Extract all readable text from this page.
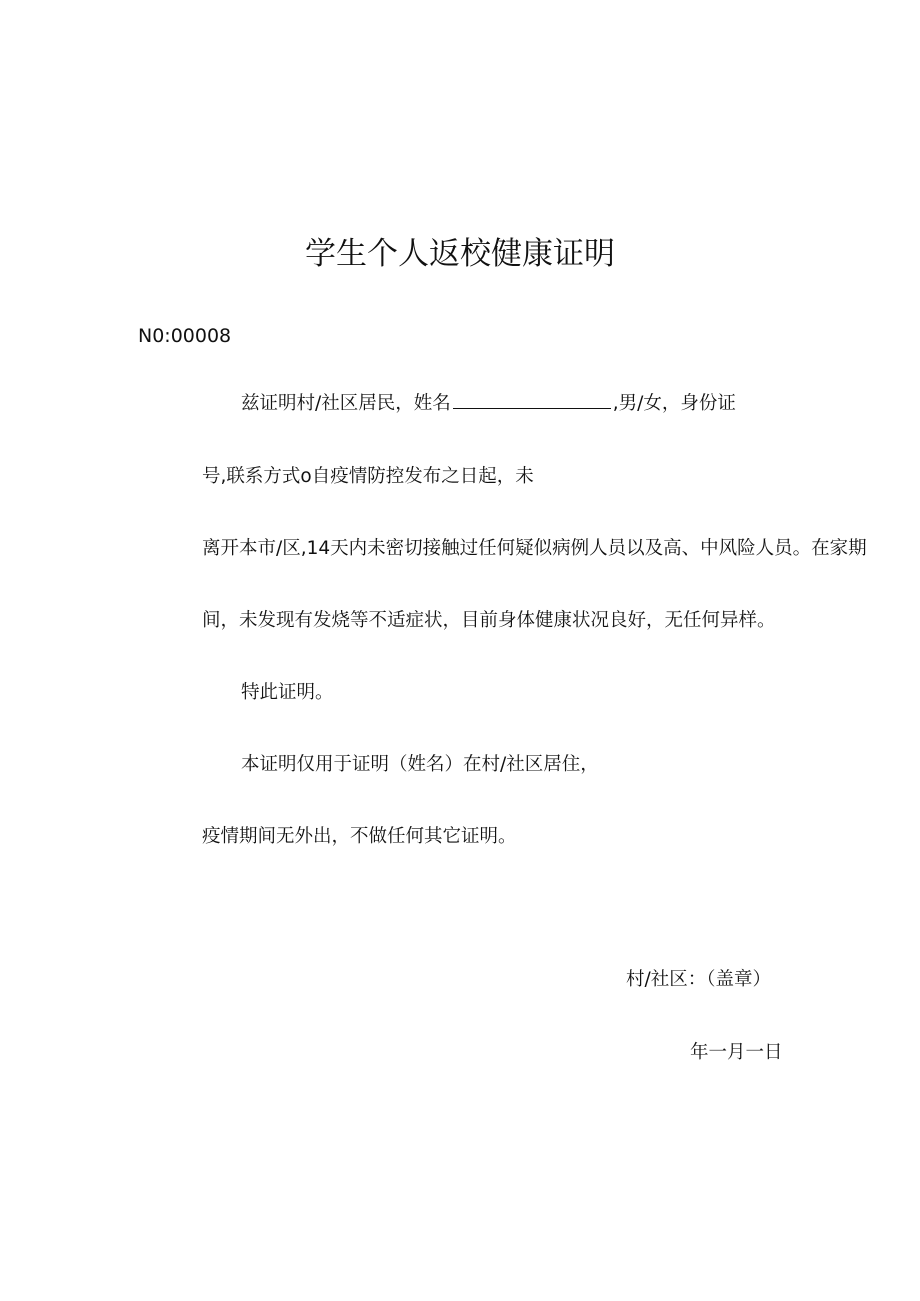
学生个人返校健康证明
N0:00008
兹证明村/社区居民，姓名	,男/女，身份证
号,联系方式o自疫情防控发布之日起，未
离开本市/区,14天内未密切接触过任何疑似病例人员以及高、中风险人员。在家期
间，未发现有发烧等不适症状，目前身体健康状况良好，无任何异样。
特此证明。
本证明仅用于证明（姓名）在村/社区居住，
疫情期间无外出，不做任何其它证明。
村/社区：（盖章）
年一月一日
